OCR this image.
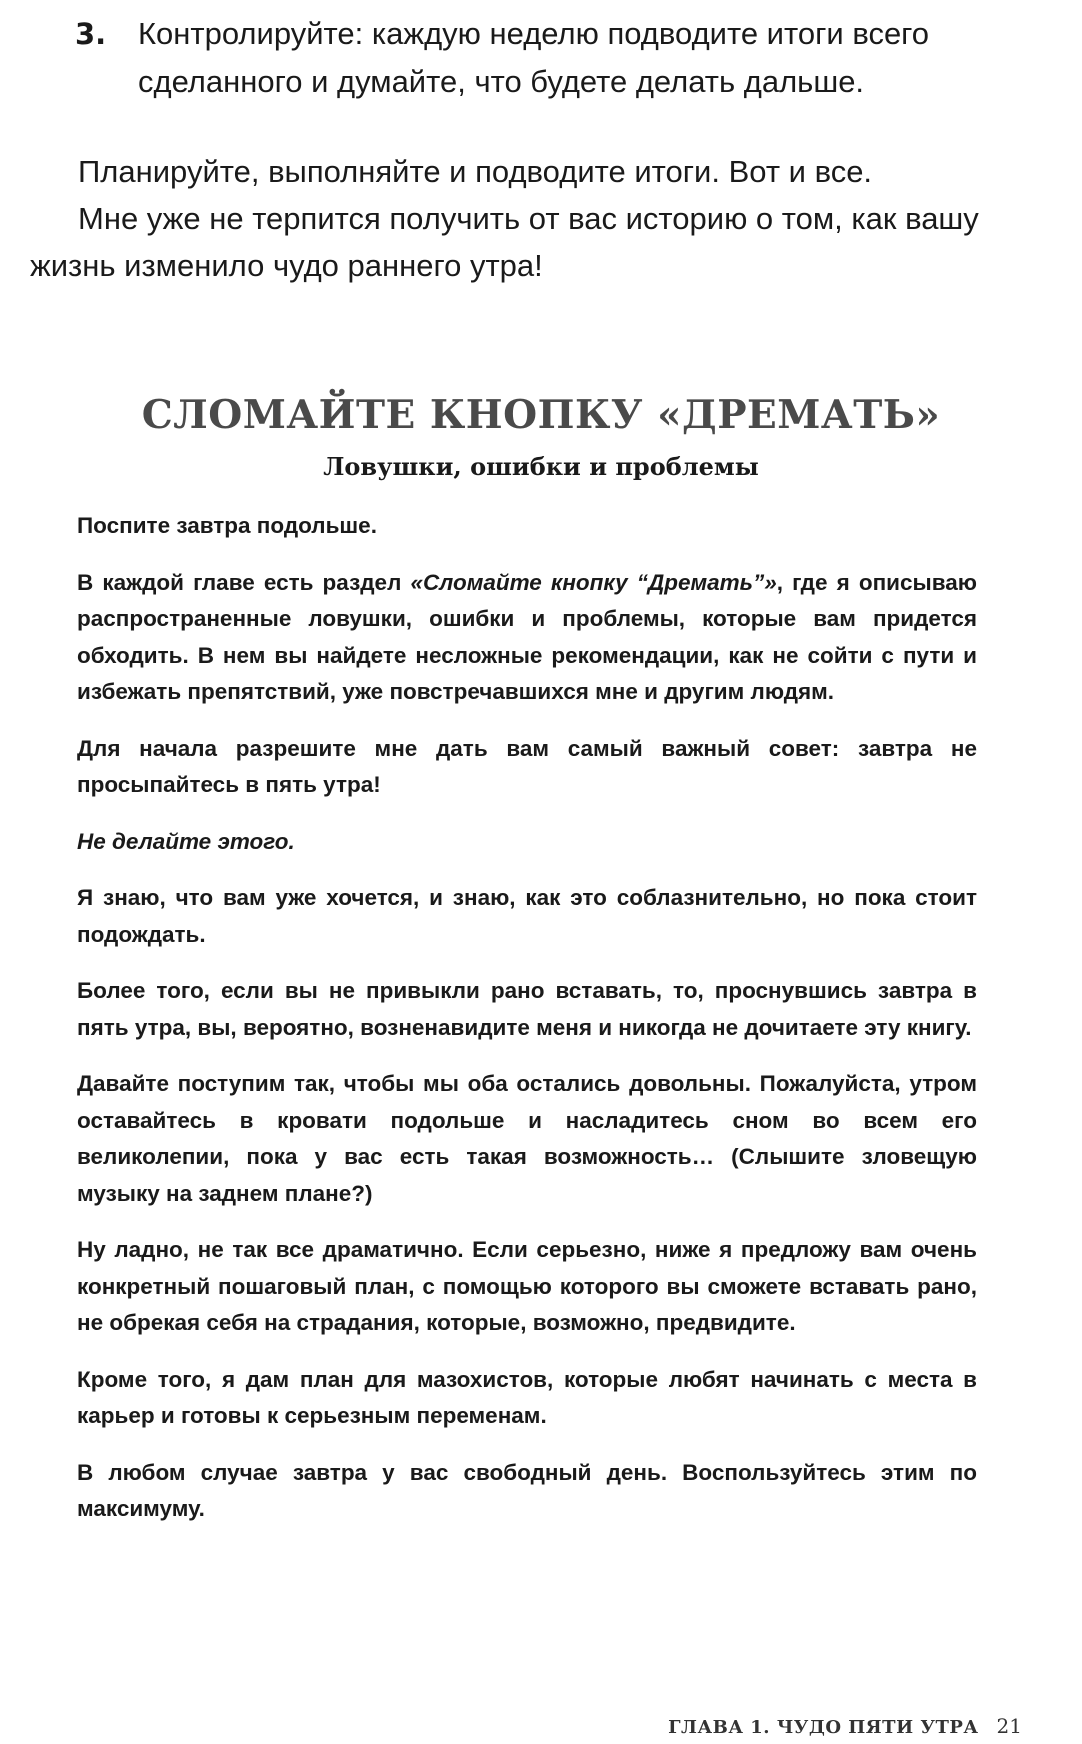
3. Контролируйте: каждую неделю подводите итоги всего сделанного и думайте, что будете делать дальше.

Планируйте, выполняйте и подводите итоги. Вот и все.

Мне уже не терпится получить от вас историю о том, как вашу жизнь изменило чудо раннего утра!

СЛОМАЙТЕ КНОПКУ «ДРЕМАТЬ»
Ловушки, ошибки и проблемы

Поспите завтра подольше.

В каждой главе есть раздел «Сломайте кнопку “Дремать”», где я описываю распространенные ловушки, ошибки и проблемы, которые вам придется обходить. В нем вы найдете несложные рекомендации, как не сойти с пути и избежать препятствий, уже повстречавшихся мне и другим людям.

Для начала разрешите мне дать вам самый важный совет: завтра не просыпайтесь в пять утра!

Не делайте этого.

Я знаю, что вам уже хочется, и знаю, как это соблазнительно, но пока стоит подождать.

Более того, если вы не привыкли рано вставать, то, проснувшись завтра в пять утра, вы, вероятно, возненавидите меня и никогда не дочитаете эту книгу.

Давайте поступим так, чтобы мы оба остались довольны. Пожалуйста, утром оставайтесь в кровати подольше и насладитесь сном во всем его великолепии, пока у вас есть такая возможность… (Слышите зловещую музыку на заднем плане?)

Ну ладно, не так все драматично. Если серьезно, ниже я предложу вам очень конкретный пошаговый план, с помощью которого вы сможете вставать рано, не обрекая себя на страдания, которые, возможно, предвидите.

Кроме того, я дам план для мазохистов, которые любят начинать с места в карьер и готовы к серьезным переменам.

В любом случае завтра у вас свободный день. Воспользуйтесь этим по максимуму.

ГЛАВА 1. ЧУДО ПЯТИ УТРА 21
